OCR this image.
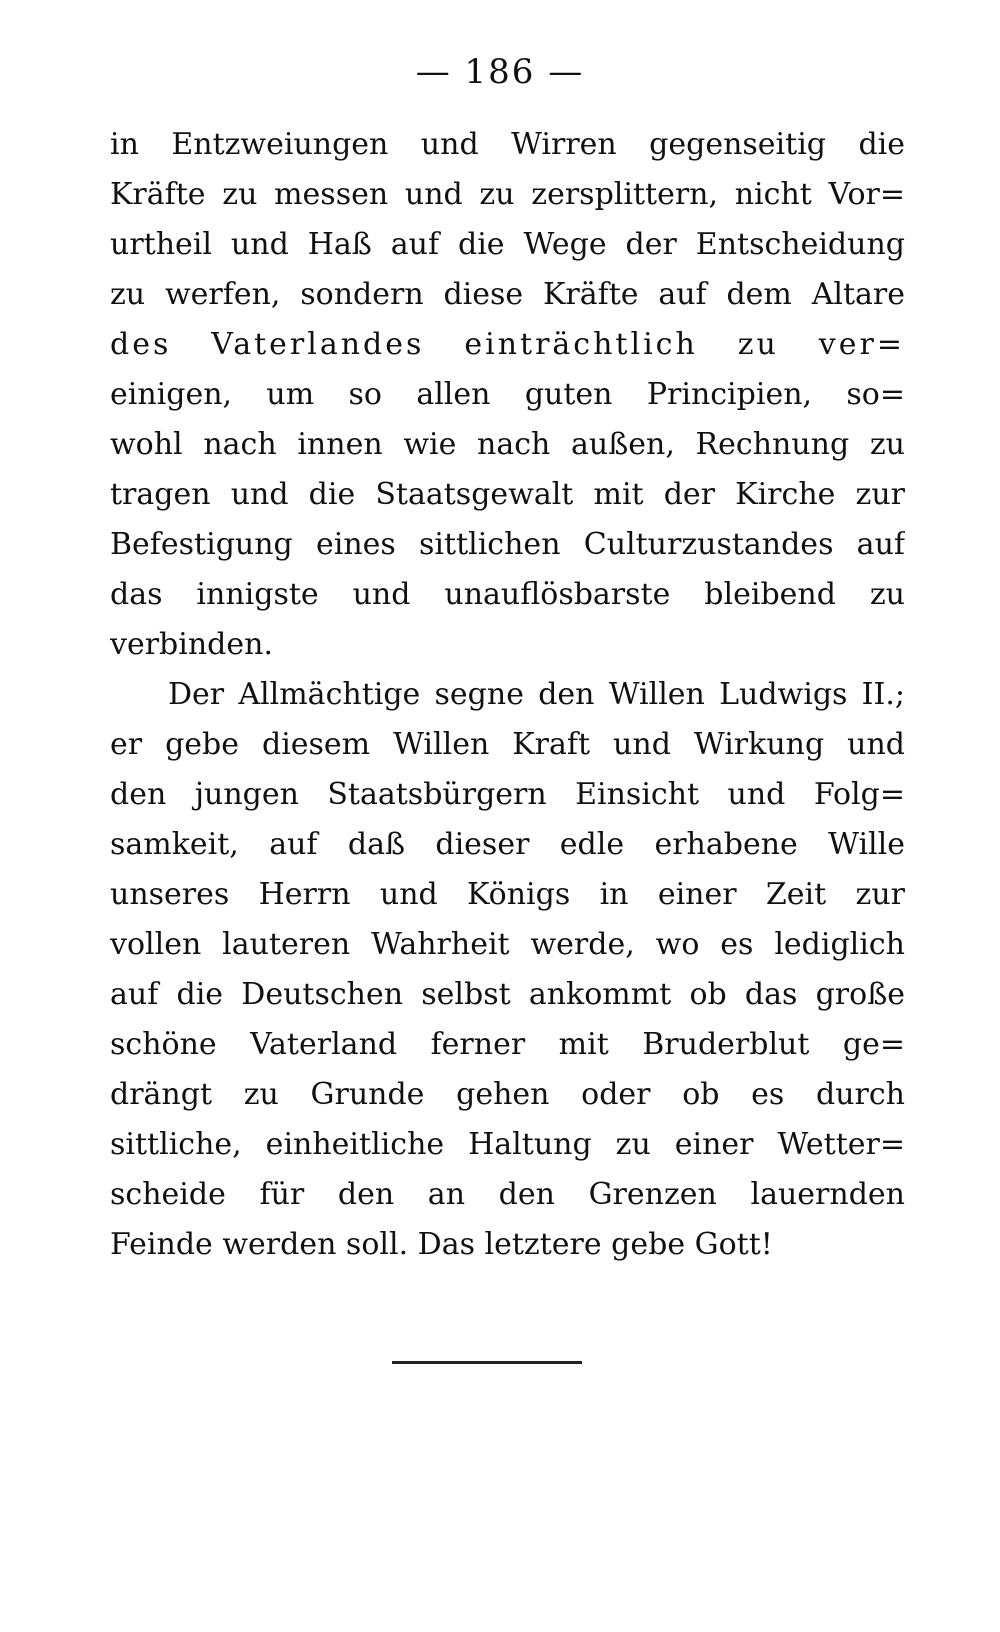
— 186 —
in Entzweiungen und Wirren gegenseitig die
Kräfte zu messen und zu zersplittern, nicht Vor=
urtheil und Haß auf die Wege der Entscheidung
zu werfen, sondern diese Kräfte auf dem Altare
des Vaterlandes einträchtlich zu ver=
einigen, um so allen guten Principien, so=
wohl nach innen wie nach außen, Rechnung zu
tragen und die Staatsgewalt mit der Kirche zur
Befestigung eines sittlichen Culturzustandes auf
das innigste und unauflösbarste bleibend zu
verbinden.
Der Allmächtige segne den Willen Ludwigs II.;
er gebe diesem Willen Kraft und Wirkung und
den jungen Staatsbürgern Einsicht und Folg=
samkeit, auf daß dieser edle erhabene Wille
unseres Herrn und Königs in einer Zeit zur
vollen lauteren Wahrheit werde, wo es lediglich
auf die Deutschen selbst ankommt ob das große
schöne Vaterland ferner mit Bruderblut ge=
drängt zu Grunde gehen oder ob es durch
sittliche, einheitliche Haltung zu einer Wetter=
scheide für den an den Grenzen lauernden
Feinde werden soll. Das letztere gebe Gott!
